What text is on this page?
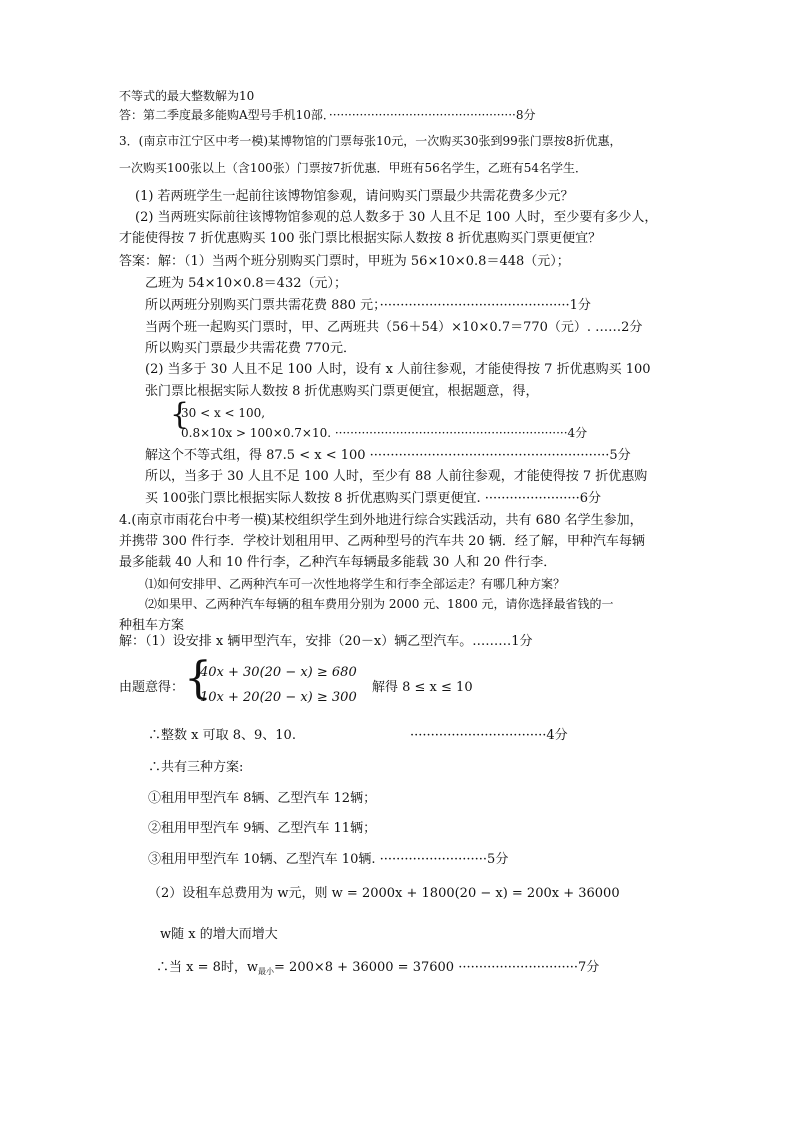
不等式的最大整数解为10
答：第二季度最多能购A型号手机10部．·················································8分
3．(南京市江宁区中考一模)某博物馆的门票每张10元，一次购买30张到99张门票按8折优惠，
一次购买100张以上（含100张）门票按7折优惠．甲班有56名学生，乙班有54名学生．
(1) 若两班学生一起前往该博物馆参观，请问购买门票最少共需花费多少元？
(2) 当两班实际前往该博物馆参观的总人数多于 30 人且不足 100 人时，至少要有多少人，
才能使得按 7 折优惠购买 100 张门票比根据实际人数按 8 折优惠购买门票更便宜？
答案：解：（1）当两个班分别购买门票时，甲班为 56×10×0.8＝448（元）；
乙班为 54×10×0.8＝432（元）；
所以两班分别购买门票共需花费 880 元；··············································1分
当两个班一起购买门票时，甲、乙两班共（56＋54）×10×0.7＝770（元）. ……2分
所以购买门票最少共需花费 770元．
(2) 当多于 30 人且不足 100 人时，设有 x 人前往参观，才能使得按 7 折优惠购买 100
张门票比根据实际人数按 8 折优惠购买门票更便宜，根据题意，得，
{
30 < x < 100,
0.8×10x > 100×0.7×10. ·····························································4分
解这个不等式组，得 87.5 < x < 100 ··························································5分
所以，当多于 30 人且不足 100 人时，至少有 88 人前往参观，才能使得按 7 折优惠购
买 100张门票比根据实际人数按 8 折优惠购买门票更便宜. ·······················6分
4.(南京市雨花台中考一模)某校组织学生到外地进行综合实践活动，共有 680 名学生参加，
并携带 300 件行李．学校计划租用甲、乙两种型号的汽车共 20 辆．经了解，甲种汽车每辆
最多能载 40 人和 10 件行李，乙种汽车每辆最多能载 30 人和 20 件行李．
⑴如何安排甲、乙两种汽车可一次性地将学生和行李全部运走？有哪几种方案？
⑵如果甲、乙两种汽车每辆的租车费用分别为 2000 元、1800 元，请你选择最省钱的一
种租车方案
解：（1）设安排 x 辆甲型汽车，安排（20－x）辆乙型汽车。………1分
由题意得： {
40x + 30(20 − x) ≥ 680
10x + 20(20 − x) ≥ 300
解得 8 ≤ x ≤ 10
∴整数 x 可取 8、9、10.	·································4分
∴共有三种方案:
①租用甲型汽车 8辆、乙型汽车 12辆；
②租用甲型汽车 9辆、乙型汽车 11辆；
③租用甲型汽车 10辆、乙型汽车 10辆. ··························5分
（2）设租车总费用为 w元，则 w = 2000x + 1800(20 − x) = 200x + 36000
w随 x 的增大而增大
∴当 x = 8时，$w_{最小}= 200\times 8 + 36000 = 37600 \cdot\cdot\cdot\cdot\cdot\cdot\cdot\cdot\cdot\cdot\cdot\cdot\cdot\cdot\cdot\cdot\cdot\cdot\cdot\cdot\cdot\cdot\cdot\cdot\cdot\cdot\cdot\cdot\cdot 7$分
